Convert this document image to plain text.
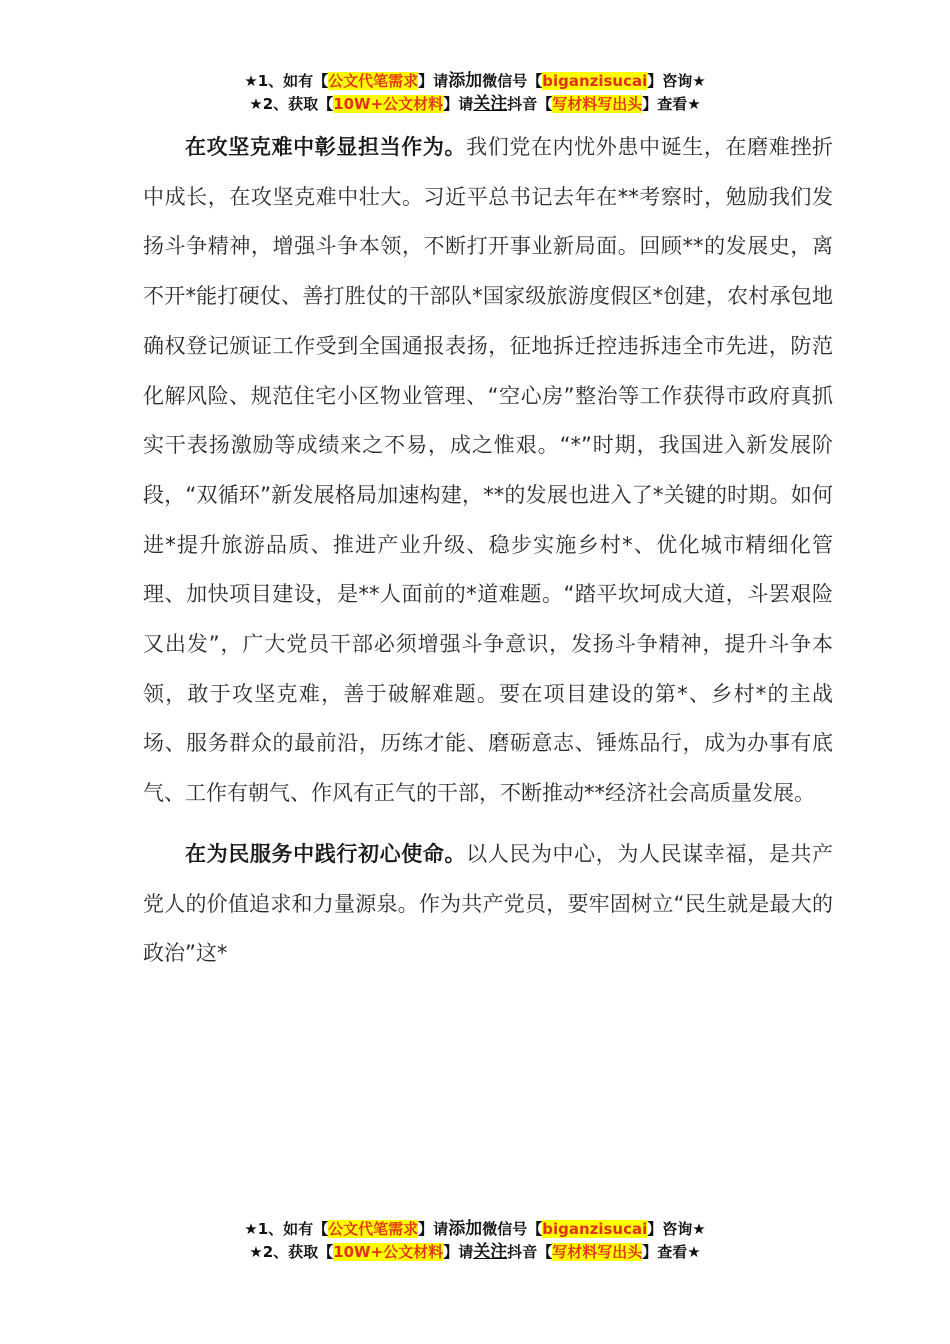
★1、如有【公文代笔需求】请添加微信号【biganzisucai】咨询★
★2、获取【10W+公文材料】请关注抖音【写材料写出头】查看★

在攻坚克难中彰显担当作为。我们党在内忧外患中诞生，在磨难挫折中成长，在攻坚克难中壮大。习近平总书记去年在**考察时，勉励我们发扬斗争精神，增强斗争本领，不断打开事业新局面。回顾**的发展史，离不开*能打硬仗、善打胜仗的干部队*国家级旅游度假区*创建，农村承包地确权登记颁证工作受到全国通报表扬，征地拆迁控违拆违全市先进，防范化解风险、规范住宅小区物业管理、“空心房”整治等工作获得市政府真抓实干表扬激励等成绩来之不易，成之惟艰。“*”时期，我国进入新发展阶段，“双循环”新发展格局加速构建，**的发展也进入了*关键的时期。如何进*提升旅游品质、推进产业升级、稳步实施乡村*、优化城市精细化管理、加快项目建设，是**人面前的*道难题。“踏平坎坷成大道，斗罢艰险又出发”，广大党员干部必须增强斗争意识，发扬斗争精神，提升斗争本领，敢于攻坚克难，善于破解难题。要在项目建设的第*、乡村*的主战场、服务群众的最前沿，历练才能、磨砺意志、锤炼品行，成为办事有底气、工作有朝气、作风有正气的干部，不断推动**经济社会高质量发展。

在为民服务中践行初心使命。以人民为中心，为人民谋幸福，是共产党人的价值追求和力量源泉。作为共产党员，要牢固树立“民生就是最大的政治”这*

★1、如有【公文代笔需求】请添加微信号【biganzisucai】咨询★
★2、获取【10W+公文材料】请关注抖音【写材料写出头】查看★
